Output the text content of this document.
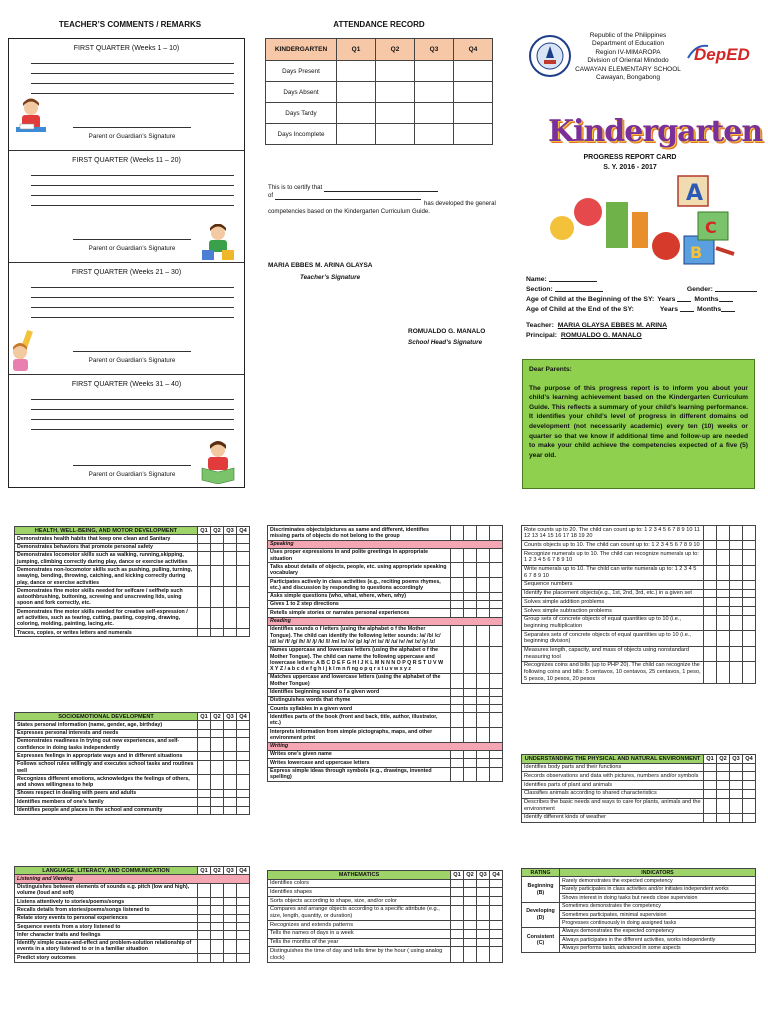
TEACHER’S COMMENTS / REMARKS
FIRST QUARTER (Weeks 1 – 10)
Parent or Guardian’s Signature
FIRST QUARTER (Weeks 11 – 20)
Parent or Guardian’s Signature
FIRST QUARTER (Weeks 21 – 30)
Parent or Guardian’s Signature
FIRST QUARTER (Weeks 31 – 40)
Parent or Guardian’s Signature
ATTENDANCE RECORD
KINDERGARTEN	Q1	Q2	Q3	Q4
Days Present				
Days Absent				
Days Tardy				
Days Incomplete				
This is to certify that
of
has developed the general competencies based on the Kindergarten Curriculum Guide.
MARIA EBBES M. ARINA GLAYSA
Teacher’s Signature
ROMUALDO G. MANALO
School Head’s Signature
Republic of the Philippines
Department of Education
Region IV-MIMAROPA
Division of Oriental Mindodo
CAWAYAN ELEMENTARY SCHOOL
Cawayan, Bongabong
DepED
Kindergarten
PROGRESS REPORT CARD
S. Y. 2016 - 2017
A
B
C
Name:
Section:	Gender:
Age of Child at the Beginning of the SY: Years	Months
Age of Child at the End of the SY:	Years	Months
Teacher: MARIA GLAYSA EBBES M. ARINA
Principal: ROMUALDO G. MANALO
Dear Parents:
The purpose of this progress report is to inform you about your child’s learning achievement based on the Kindergarten Curriculum Guide. This reflects a summary of your child’s learning performance. It identifies your child’s level of progress in different domains od development (not necessarily academic) every ten (10) weeks or quarter so that we know if additional time and follow-up are needed to make your child achieve the competencies expected of a five (5) year old.
HEALTH, WELL-BEING, AND MOTOR DEVELOPMENT	Q1	Q2	Q3	Q4
Demonstrates health habits that keep one clean and Sanitary				
Demonstrates behaviors that promote personal safety				
Demonstrates locomotor skills such as walking, running,skipping, jumping, climbing correctly during play, dance or exercise activities				
Demonstrates non-locomotor skills such as pushing, pulling, turning, swaying, bending, throwing, catching, and kicking correctly during play, dance or exercise activities				
Demonstrates fine motor skills needed for selfcare / selfhelp such astoothbrushing, buttoning, screwing and unscrewing lids, using spoon and fork correctly, etc.				
Demonstrates fine motor skills needed for creative self-expression / art activities, such as tearing, cutting, pasting, copying, drawing, coloring, molding, painting, lacing,etc.				
Traces, copies, or writes letters and numerals				
SOCIOEMOTIONAL DEVELOPMENT	Q1	Q2	Q3	Q4
States personal information (name, gender, age, birthday)				
Expresses personal interests and needs				
Demonstrates readiness in trying out new experiences, and self-confidence in doing tasks independently				
Expresses feelings in appropriate ways and in different situations				
Follows school rules willingly and executes school tasks and routines well				
Recognizes different emotions, acknowledges the feelings of others, and shows willingness to help				
Shows respect in dealing with peers and adults				
Identifies members of one’s family				
Identifies people and places in the school and community				
LANGUAGE, LITERACY, AND COMMUNICATION	Q1	Q2	Q3	Q4
Listening and Viewing				
Distinguishes between elements of sounds e.g. pitch (low and high), volume (loud and soft)				
Listens attentively to stories/poems/songs				
Recalls details from stories/poems/songs listened to				
Relate story events to personal experiences				
Sequence events from a story listened to				
Infer character traits and feelings				
Identify simple cause-and-effect and problem-solution relationship of events in a story listened to or in a familiar situation				
Predict story outcomes				
Discriminates objects/pictures as same and different, identifies missing parts of objects do not belong to the group				
Speaking				
Uses proper expressions in and polite greetings in appropriate situation				
Talks about details of objects, people, etc. using appropriate speaking vocabulary				
Participates actively in class activities (e.g., reciting poems rhymes, etc.) and discussion by responding to questions accordingly				
Asks simple questions (who, what, where, when, why)				
Gives 1 to 2 step directions				
Retells simple stories or narrates personal experiences				
Reading				
Identifies sounds o f letters (using the alphabet o f the Mother Tongue). The child can identify the following letter sounds: /a/ /b/ /c/ /d/ /e/ /f/ /g/ /h/ /i/ /j/ /k/ /l/ /m/ /n/ /o/ /p/ /q/ /r/ /s/ /t/ /u/ /v/ /w/ /x/ /y/ /z/				
Names uppercase and lowercase letters (using the alphabet o f the Mother Tongue). The child can name the following uppercase and lowercase letters: A B C D E F G H I J K L M N N N O P Q R S T U V W X Y Z / a b c d e f g h i j k l m n ñ ng o p q r s t u v w x y z				
Matches uppercase and lowercase letters (using the alphabet of the Mother Tongue)				
Identifies beginning sound o f a given word				
Distinguishes words that rhyme				
Counts syllables in a given word				
Identifies parts of the book (front and back, title, author, illustrator, etc.)				
Interprets information from simple pictographs, maps, and other environment print				
Writing				
Writes one’s given name				
Writes lowercase and uppercase letters				
Express simple ideas through symbols (e.g., drawings, invented spelling)				
MATHEMATICS	Q1	Q2	Q3	Q4
Identifies colors				
Identifies shapes				
Sorts objects according to shape, size, and/or color				
Compares and arrange objects according to a specific attribute (e.g., size, length, quantity, or duration)				
Recognizes and extends patterns				
Tells the names of days in a week				
Tells the months of the year				
Distinguishes the time of day and tells time by the hour ( using analog clock)				
Rote counts up to 20. The child can count up to: 1 2 3 4 5 6 7 8 9 10 11 12 13 14 15 16 17 18 19 20				
Counts objects up to 10. The child can count up to: 1 2 3 4 5 6 7 8 9 10				
Recognize numerals up to 10. The child can recognize numerals up to: 1 2 3 4 5 6 7 8 9 10				
Write numerals up to 10. The child can write numerals up to: 1 2 3 4 5 6 7 8 9 10				
Sequence numbers				
Identify the placement objects(e.g., 1st, 2nd, 3rd, etc.) in a given set				
Solves simple addition problems				
Solves simple subtraction problems				
Group sets of concrete objects of equal quantities up to 10 (i.e., beginning multiplication				
Separates sets of concrete objects of equal quantities up to 10 (i.e., beginning division)				
Measures length, capacity, and mass of objects using nonstandard measuring tool				
Recognizes coins and bills (up to PHP 20). The child can recognize the following coins and bills: 5 centavos, 10 centavos, 25 centavos, 1 peso, 5 pesos, 10 pesos, 20 pesos				
UNDERSTANDING THE PHYSICAL AND NATURAL ENVIRONMENT	Q1	Q2	Q3	Q4
Identifies body parts and their functions				
Records observations and data with pictures, numbers and/or symbols				
Identifies parts of plant and animals				
Classifies animals according to shared characteristics				
Describes the basic needs and ways to care for plants, animals and the environment				
Identify different kinds of weather				
RATING	INDICATORS
Beginning (B)	Rarely demonstrates the expected competency
	Rarely participates in class activities and/or initiates independent works
	Shows interest in doing tasks but needs close supervision
Developing (D)	Sometimes demonstrates the competency
	Sometimes participates, minimal supervision
	Progresses continuously in doing assigned tasks
Consistent (C)	Always demonstrates the expected competency
	Always participates in the different activities, works independently
	Always performs tasks, advanced in some aspects
